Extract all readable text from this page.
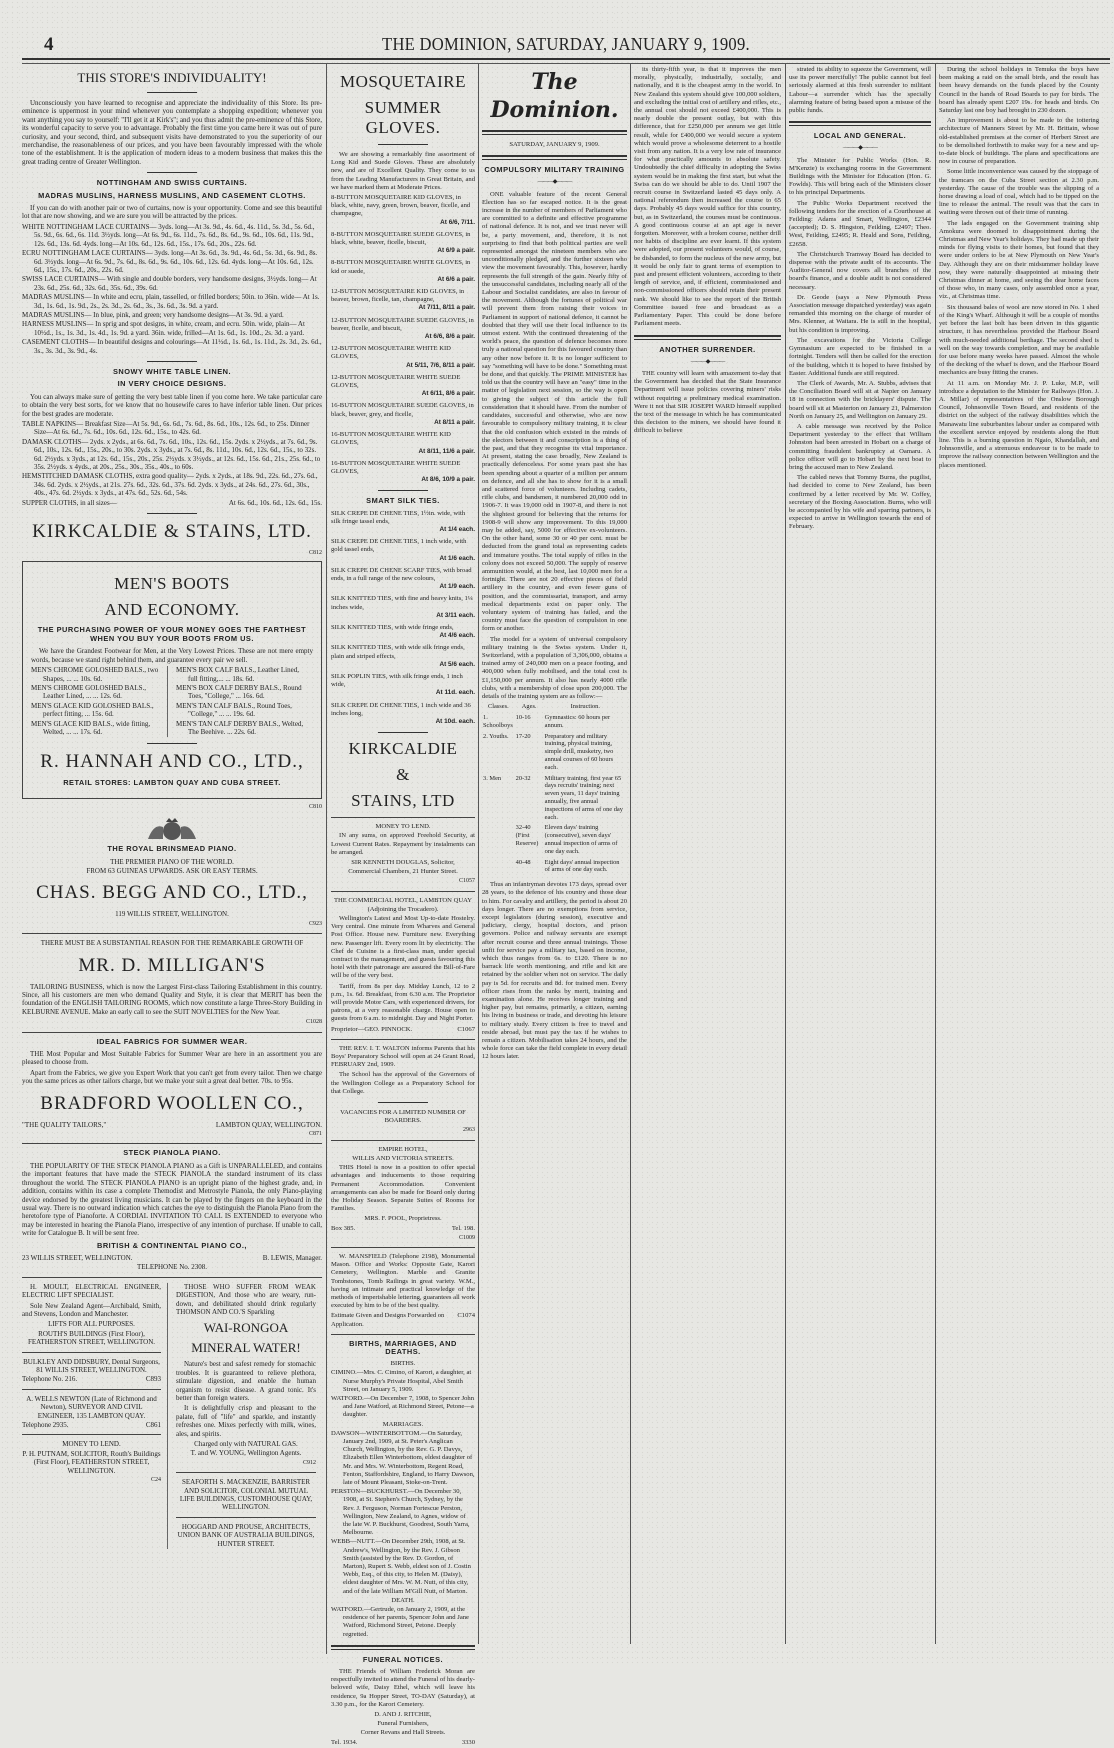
4	THE DOMINION, SATURDAY, JANUARY 9, 1909.
THIS STORE'S INDIVIDUALITY!
Unconsciously you have learned to recognise and appreciate the individuality of this Store. Its pre-eminence is uppermost in your mind whenever you contemplate a shopping expedition; whenever you want anything you say to yourself: "I'll get it at Kirk's"; and you thus admit the pre-eminence of this Store, its wonderful capacity to serve you to advantage. Probably the first time you came here it was out of pure curiosity, and your second, third, and subsequent visits have demonstrated to you the superiority of our merchandise, the reasonableness of our prices, and you have been favourably impressed with the whole tone of the establishment. It is the application of modern ideas to a modern business that makes this the great trading centre of Greater Wellington.
NOTTINGHAM AND SWISS CURTAINS.
MADRAS MUSLINS, HARNESS MUSLINS, AND CASEMENT CLOTHS.
If you can do with another pair or two of curtains, now is your opportunity. Come and see this beautiful lot that are now showing, and we are sure you will be attracted by the prices.
WHITE NOTTINGHAM LACE CURTAINS— 3yds. long—At 3s. 9d., 4s. 6d., 4s. 11d., 5s. 3d., 5s. 6d., 5s. 9d., 6s. 6d., 6s. 11d. 3½yds. long—At 6s. 9d., 6s. 11d., 7s. 6d., 8s. 6d., 9s. 6d., 10s. 6d., 11s. 9d., 12s. 6d., 13s. 6d. 4yds. long—At 10s. 6d., 12s. 6d., 15s., 17s. 6d., 20s., 22s. 6d.
ECRU NOTTINGHAM LACE CURTAINS— 3yds. long—At 3s. 6d., 3s. 9d., 4s. 6d., 5s. 3d., 6s. 9d., 8s. 6d. 3½yds. long—At 6s. 9d., 7s. 6d., 8s. 6d., 9s. 6d., 10s. 6d., 12s. 6d. 4yds. long—At 10s. 6d., 12s. 6d., 15s., 17s. 6d., 20s., 22s. 6d.
SWISS LACE CURTAINS— With single and double borders, very handsome designs, 3½yds. long— At 23s. 6d., 25s. 6d., 32s. 6d., 35s. 6d., 39s. 6d.
MADRAS MUSLINS— In white and ecru, plain, tasselled, or frilled borders; 50in. to 36in. wide— At 1s. 3d., 1s. 6d., 1s. 9d., 2s., 2s. 3d., 2s. 6d., 3s., 3s. 6d., 3s. 9d. a yard.
MADRAS MUSLINS— In blue, pink, and green; very handsome designs—At 3s. 9d. a yard.
HARNESS MUSLINS— In sprig and spot designs, in white, cream, and ecru. 50in. wide, plain— At 10½d., 1s., 1s. 3d., 1s. 4d., 1s. 9d. a yard. 36in. wide, frilled—At 1s. 6d., 1s. 10d., 2s. 3d. a yard.
CASEMENT CLOTHS— In beautiful designs and colourings—At 11½d., 1s. 6d., 1s. 11d., 2s. 3d., 2s. 6d., 3s., 3s. 3d., 3s. 9d., 4s.
SNOWY WHITE TABLE LINEN.
IN VERY CHOICE DESIGNS.
You can always make sure of getting the very best table linen if you come here. We take particular care to obtain the very best sorts, for we know that no housewife cares to have inferior table linen. Our prices for the best grades are moderate.
TABLE NAPKINS— Breakfast Size—At 5s. 9d., 6s. 6d., 7s. 6d., 8s. 6d., 10s., 12s. 6d., to 25s. Dinner Size—At 6s. 6d., 7s. 6d., 10s. 6d., 12s. 6d., 15s., to 42s. 6d.
DAMASK CLOTHS— 2yds. x 2yds., at 6s. 6d., 7s. 6d., 10s., 12s. 6d., 15s. 2yds. x 2½yds., at 7s. 6d., 9s. 6d., 10s., 12s. 6d., 15s., 20s., to 30s. 2yds. x 3yds., at 7s. 6d., 8s. 11d., 10s. 6d., 12s. 6d., 15s., to 32s. 6d. 2½yds. x 3yds., at 12s. 6d., 15s., 20s., 25s. 2½yds. x 3½yds., at 12s. 6d., 15s. 6d., 21s., 25s. 6d., to 35s. 2½yds. x 4yds., at 20s., 25s., 30s., 35s., 40s., to 60s.
HEMSTITCHED DAMASK CLOTHS, extra good quality— 2yds. x 2yds., at 18s. 9d., 22s. 6d., 27s. 6d., 34s. 6d. 2yds. x 2½yds., at 21s. 27s. 6d., 32s. 6d., 37s. 6d. 2yds. x 3yds., at 24s. 6d., 27s. 6d., 30s., 40s., 47s. 6d. 2½yds. x 3yds., at 47s. 6d., 52s. 6d., 54s.
SUPPER CLOTHS, in all sizes—	At 6s. 6d., 10s. 6d., 12s. 6d., 15s.
KIRKCALDIE & STAINS, LTD.
C812
MEN'S BOOTS
AND ECONOMY.
THE PURCHASING POWER OF YOUR MONEY GOES THE FARTHEST WHEN YOU BUY YOUR BOOTS FROM US.
We have the Grandest Footwear for Men, at the Very Lowest Prices. These are not mere empty words, because we stand right behind them, and guarantee every pair we sell.
MEN'S CHROME GOLOSHED BALS., two Shapes, ... ... 10s. 6d.
MEN'S CHROME GOLOSHED BALS., Leather Lined, ... ... 12s. 6d.
MEN'S GLACE KID GOLOSHED BALS., perfect fitting, ... 15s. 6d.
MEN'S GLACE KID BALS., wide fitting, Welted, ... ... 17s. 6d.
MEN'S BOX CALF BALS., Leather Lined, full fitting,... ... 18s. 6d.
MEN'S BOX CALF DERBY BALS., Round Toes, "College," ... 16s. 6d.
MEN'S TAN CALF BALS., Round Toes, "College," ... ... 19s. 6d.
MEN'S TAN CALF DERBY BALS., Welted, The Beehive. ... 22s. 6d.
R. HANNAH AND CO., LTD.,
RETAIL STORES: LAMBTON QUAY AND CUBA STREET.
C810
THE ROYAL BRINSMEAD PIANO.
THE PREMIER PIANO OF THE WORLD.
FROM 63 GUINEAS UPWARDS. ASK OR EASY TERMS.
CHAS. BEGG AND CO., LTD.,
119 WILLIS STREET, WELLINGTON.
C923
THERE MUST BE A SUBSTANTIAL REASON FOR THE REMARKABLE GROWTH OF
MR. D. MILLIGAN'S
TAILORING BUSINESS, which is now the Largest First-class Tailoring Establishment in this country. Since, all his customers are men who demand Quality and Style, it is clear that MERIT has been the foundation of the ENGLISH TAILORING ROOMS, which now constitute a large Three-Story Building in KELBURNE AVENUE. Make an early call to see the SUIT NOVELTIES for the New Year.
C1028
IDEAL FABRICS FOR SUMMER WEAR.
THE Most Popular and Most Suitable Fabrics for Summer Wear are here in an assortment you are pleased to choose from.
Apart from the Fabrics, we give you Expert Work that you can't get from every tailor. Then we charge you the same prices as other tailors charge, but we make your suit a great deal better. 70s. to 95s.
BRADFORD WOOLLEN CO.,
"THE QUALITY TAILORS,"	LAMBTON QUAY, WELLINGTON.
C871
STECK PIANOLA PIANO.
THE POPULARITY OF THE STECK PIANOLA PIANO as a Gift is UNPARALLELED, and contains the important features that have made the STECK PIANOLA the standard instrument of its class throughout the world. The STECK PIANOLA PIANO is an upright piano of the highest grade, and, in addition, contains within its case a complete Themodist and Metrostyle Pianola, the only Piano-playing device endorsed by the greatest living musicians. It can be played by the fingers on the keyboard in the usual way. There is no outward indication which catches the eye to distinguish the Pianola Piano from the heretofore type of Pianoforte. A CORDIAL INVITATION TO CALL IS EXTENDED to everyone who may be interested in hearing the Pianola Piano, irrespective of any intention of purchase. If unable to call, write for Catalogue B. It will be sent free.
BRITISH & CONTINENTAL PIANO CO.,
23 WILLIS STREET, WELLINGTON.	B. LEWIS, Manager.
TELEPHONE No. 2308.
H. MOULT, ELECTRICAL ENGINEER, ELECTRIC LIFT SPECIALIST.
Sole New Zealand Agent—Archibald, Smith, and Stevens, London and Manchester.
LIFTS FOR ALL PURPOSES.
ROUTH'S BUILDINGS (First Floor), FEATHERSTON STREET, WELLINGTON.
BULKLEY AND DIDSBURY, Dental Surgeons, 81 WILLIS STREET, WELLINGTON.
Telephone No. 216.	C893
A. WELLS NEWTON (Late of Richmond and Newton), SURVEYOR AND CIVIL ENGINEER, 135 LAMBTON QUAY.
Telephone 2935.	C861
MONEY TO LEND.
P. H. PUTNAM, SOLICITOR, Routh's Buildings (First Floor), FEATHERSTON STREET, WELLINGTON.
C24
THOSE WHO SUFFER FROM WEAK DIGESTION, And those who are weary, run-down, and debilitated should drink regularly THOMSON AND CO.'S Sparkling
WAI-RONGOA
MINERAL WATER!
Nature's best and safest remedy for stomachic troubles. It is guaranteed to relieve plethora, stimulate digestion, and enable the human organism to resist disease. A grand tonic. It's better than foreign waters.
It is delightfully crisp and pleasant to the palate, full of "life" and sparkle, and instantly refreshes one. Mixes perfectly with milk, wines, ales, and spirits.
Charged only with NATURAL GAS.
T. and W. YOUNG, Wellington Agents.
C912
SEAFORTH S. MACKENZIE, BARRISTER AND SOLICITOR, COLONIAL MUTUAL LIFE BUILDINGS, CUSTOMHOUSE QUAY, WELLINGTON.
HOGGARD AND PROUSE, ARCHITECTS, UNION BANK OF AUSTRALIA BUILDINGS, HUNTER STREET.
MOSQUETAIRE
SUMMER GLOVES.
We are showing a remarkably fine assortment of Long Kid and Suede Gloves. These are absolutely new, and are of Excellent Quality. They come to us from the Leading Manufacturers in Great Britain, and we have marked them at Moderate Prices.
8-BUTTON MOSQUETAIRE KID GLOVES, in black, white, navy, green, brown, beaver, ficelle, and champagne,
At 6/6, 7/11.
8-BUTTON MOSQUETAIRE SUEDE GLOVES, in black, white, beaver, ficelle, biscuit,
At 6/9 a pair.
8-BUTTON MOSQUETAIRE WHITE GLOVES, in kid or suede,
At 6/6 a pair.
12-BUTTON MOSQUETAIRE KID GLOVES, in beaver, brown, ficelle, tan, champagne,
At 7/11, 8/11 a pair.
12-BUTTON MOSQUETAIRE SUEDE GLOVES, in beaver, ficelle, and biscuit,
At 6/6, 8/6 a pair.
12-BUTTON MOSQUETAIRE WHITE KID GLOVES,
At 5/11, 7/6, 8/11 a pair.
12-BUTTON MOSQUETAIRE WHITE SUEDE GLOVES,
At 6/11, 8/6 a pair.
16-BUTTON MOSQUETAIRE SUEDE GLOVES, in black, beaver, grey, and ficelle,
At 8/11 a pair.
16-BUTTON MOSQUETAIRE WHITE KID GLOVES,
At 8/11, 11/6 a pair.
16-BUTTON MOSQUETAIRE WHITE SUEDE GLOVES,
At 8/6, 10/9 a pair.
SMART SILK TIES.
SILK CREPE DE CHENE TIES, 1½in. wide, with silk fringe tassel ends,
At 1/4 each.
SILK CREPE DE CHENE TIES, 1 inch wide, with gold tassel ends,
At 1/6 each.
SILK CREPE DE CHENE SCARF TIES, with broad ends, in a full range of the new colours,
At 1/9 each.
SILK KNITTED TIES, with fine and heavy knits, 1¼ inches wide,
At 3/11 each.
SILK KNITTED TIES, with wide fringe ends,
At 4/6 each.
SILK KNITTED TIES, with wide silk fringe ends, plain and striped effects,
At 5/6 each.
SILK POPLIN TIES, with silk fringe ends, 1 inch wide,
At 11d. each.
SILK CREPE DE CHENE TIES, 1 inch wide and 36 inches long,
At 10d. each.
KIRKCALDIE
&
STAINS, LTD
MONEY TO LEND.
IN any sums, on approved Freehold Security, at Lowest Current Rates. Repayment by instalments can be arranged.
SIR KENNETH DOUGLAS, Solicitor,
Commercial Chambers, 21 Hunter Street.
C1057
THE COMMERCIAL HOTEL, LAMBTON QUAY
(Adjoining the Trocadero).
Wellington's Latest and Most Up-to-date Hostelry. Very central. One minute from Wharves and General Post Office. House new. Furniture new. Everything new. Passenger lift. Every room lit by electricity. The Chef de Cuisine is a first-class man, under special contract to the management, and guests favouring this hotel with their patronage are assured the Bill-of-Fare will be of the very best.
Tariff, from 8s per day. Midday Lunch, 12 to 2 p.m., 1s. 6d. Breakfast, from 6.30 a.m. The Proprietor will provide Motor Cars, with experienced drivers, for patrons, at a very reasonable charge. House open to guests from 6 a.m. to midnight. Day and Night Porter.
Proprietor—GEO. PINNOCK.	C1067
THE REV. I. T. WALTON informs Parents that his Boys' Preparatory School will open at 24 Grant Road, FEBRUARY 2nd, 1909.
The School has the approval of the Governors of the Wellington College as a Preparatory School for that College.
VACANCIES FOR A LIMITED NUMBER OF BOARDERS.
2963
EMPIRE HOTEL,
WILLIS AND VICTORIA STREETS.
THIS Hotel is now in a position to offer special advantages and inducements to those requiring Permanent Accommodation. Convenient arrangements can also be made for Board only during the Holiday Season. Separate Suites of Rooms for Families.
MRS. F. POOL, Proprietress.
Box 385.	Tel. 198.
C1009
W. MANSFIELD (Telephone 2198), Monumental Mason. Office and Works: Opposite Gate, Karori Cemetery, Wellington. Marble and Granite Tombstones, Tomb Railings in great variety. W.M., having an intimate and practical knowledge of the methods of imperishable lettering, guarantees all work executed by him to be of the best quality.
Estimate Given and Designs Forwarded on Application.
C1074
BIRTHS, MARRIAGES, AND DEATHS.
BIRTHS.
CIMINO.—Mrs. C. Cimino, of Karori, a daughter, at Nurse Murphy's Private Hospital, Abel Smith Street, on January 5, 1909.
WATFORD.—On December 7, 1908, to Spencer John and Jane Watford, at Richmond Street, Petone—a daughter.
MARRIAGES.
DAWSON—WINTERBOTTOM.—On Saturday, January 2nd, 1909, at St. Peter's Anglican Church, Wellington, by the Rev. G. P. Davys, Elizabeth Ellen Winterbottom, eldest daughter of Mr. and Mrs. W. Winterbottom, Regent Road, Fenton, Staffordshire, England, to Harry Dawson, late of Mount Pleasant, Stoke-on-Trent.
PERSTON—BUCKHURST.—On December 30, 1908, at St. Stephen's Church, Sydney, by the Rev. J. Ferguson, Norman Fortescue Perston, Wellington, New Zealand, to Agnes, widow of the late W. P. Buckhurst, Goodrest, South Yarra, Melbourne.
WEBB—NUTT.—On December 29th, 1908, at St. Andrew's, Wellington, by the Rev. J. Gibson Smith (assisted by the Rev. D. Gordon, of Marton), Rupert S. Webb, eldest son of J. Costin Webb, Esq., of this city, to Helen M. (Daisy), eldest daughter of Mrs. W. M. Nutt, of this city, and of the late William M'Gill Nutt, of Marton.
DEATH.
WATFORD.—Gertrude, on January 2, 1909, at the residence of her parents, Spencer John and Jane Watford, Richmond Street, Petone. Deeply regretted.
FUNERAL NOTICES.
THE Friends of William Frederick Moran are respectfully invited to attend the Funeral of his dearly-beloved wife, Daisy Ethel, which will leave his residence, 9a Hopper Street, TO-DAY (Saturday), at 3.30 p.m., for the Karori Cemetery.
D. AND J. RITCHIE,
Funeral Furnishers,
Corner Revans and Hall Streets.
Tel. 1934.	3330
The Dominion.
SATURDAY, JANUARY 9, 1909.
COMPULSORY MILITARY TRAINING
———◆———
ONE valuable feature of the recent General Election has so far escaped notice. It is the great increase in the number of members of Parliament who are committed to a definite and effective programme of national defence. It is not, and we trust never will be, a party movement, and, therefore, it is not surprising to find that both political parties are well represented amongst the nineteen members who are unconditionally pledged, and the further sixteen who view the movement favourably. This, however, hardly represents the full strength of the gain. Nearly fifty of the unsuccessful candidates, including nearly all of the Labour and Socialist candidates, are also in favour of the movement. Although the fortunes of political war will prevent them from raising their voices in Parliament in support of national defence, it cannot be doubted that they will use their local influence to its utmost extent. With the continued threatening of the world's peace, the question of defence becomes more truly a national question for this favoured country than any other now before it. It is no longer sufficient to say "something will have to be done." Something must be done, and that quickly. The PRIME MINISTER has told us that the country will have an "easy" time in the matter of legislation next session, so the way is open to giving the subject of this article the full consideration that it should have. From the number of candidates, successful and otherwise, who are now favourable to compulsory military training, it is clear that the old confusion which existed in the minds of the electors between it and conscription is a thing of the past, and that they recognise its vital importance. At present, stating the case broadly, New Zealand is practically defenceless. For some years past she has been spending about a quarter of a million per annum on defence, and all she has to show for it is a small and scattered force of volunteers. Including cadets, rifle clubs, and bandsmen, it numbered 20,000 odd in 1906-7. It was 19,000 odd in 1907-8, and there is not the slightest ground for believing that the returns for 1908-9 will show any improvement. To this 19,000 may be added, say, 5000 for effective ex-volunteers. On the other hand, some 30 or 40 per cent. must be deducted from the grand total as representing cadets and immature youths. The total supply of rifles in the colony does not exceed 50,000. The supply of reserve ammunition would, at the best, last 10,000 men for a fortnight. There are not 20 effective pieces of field artillery in the country, and even fewer guns of position, and the commissariat, transport, and army medical departments exist on paper only. The voluntary system of training has failed, and the country must face the question of compulsion in one form or another.
The model for a system of universal compulsory military training is the Swiss system. Under it, Switzerland, with a population of 3,306,000, obtains a trained army of 240,000 men on a peace footing, and 400,000 when fully mobilised, and the total cost is £1,150,000 per annum. It also has nearly 4000 rifle clubs, with a membership of close upon 200,000. The details of the training system are as follow:—
Classes.	Ages.	Instruction.
1. Schoolboys	10-16	Gymnastics: 60 hours per annum.
2. Youths.	17-20	Preparatory and military training, physical training, simple drill, musketry, two annual courses of 60 hours each.
3. Men	20-32	Military training, first year 65 days recruits' training; next seven years, 11 days' training annually, five annual inspections of arms of one day each.
	32-40 (First Reserve)	Eleven days' training (consecutive), seven days' annual inspection of arms of one day each.
	40-48	Eight days' annual inspection of arms of one day each.
Thus an infantryman devotes 173 days, spread over 28 years, to the defence of his country and those dear to him. For cavalry and artillery, the period is about 20 days longer. There are no exemptions from service, except legislators (during session), executive and judiciary, clergy, hospital doctors, and prison governors. Police and railway servants are exempt after recruit course and three annual trainings. Those unfit for service pay a military tax, based on income, which thus ranges from 6s. to £120. There is no barrack life worth mentioning, and rifle and kit are retained by the soldier when not on service. The daily pay is 5d. for recruits and 8d. for trained men. Every officer rises from the ranks by merit, training and examination alone. He receives longer training and higher pay, but remains, primarily, a citizen, earning his living in business or trade, and devoting his leisure to military study. Every citizen is free to travel and reside abroad, but must pay the tax if he wishes to remain a citizen. Mobilisation takes 24 hours, and the whole force can take the field complete in every detail 12 hours later.
its thirty-fifth year, is that it improves the men morally, physically, industrially, socially, and nationally, and it is the cheapest army in the world. In New Zealand this system should give 100,000 soldiers, and excluding the initial cost of artillery and rifles, etc., the annual cost should not exceed £400,000. This is nearly double the present outlay, but with this difference, that for £250,000 per annum we get little result, while for £400,000 we would secure a system which would prove a wholesome deterrent to a hostile visit from any nation. It is a very low rate of insurance for what practically amounts to absolute safety. Undoubtedly the chief difficulty in adopting the Swiss system would be in making the first start, but what the Swiss can do we should be able to do. Until 1907 the recruit course in Switzerland lasted 45 days only. A national referendum then increased the course to 65 days. Probably 45 days would suffice for this country, but, as in Switzerland, the courses must be continuous. A good continuous course at an apt age is never forgotten. Moreover, with a broken course, neither drill nor habits of discipline are ever learnt. If this system were adopted, our present volunteers would, of course, be disbanded, to form the nucleus of the new army, but it would be only fair to grant terms of exemption to past and present efficient volunteers, according to their length of service, and, if efficient, commissioned and non-commissioned officers should retain their present rank. We should like to see the report of the British Committee issued free and broadcast as a Parliamentary Paper. This could be done before Parliament meets.
ANOTHER SURRENDER.
———◆———
THE country will learn with amazement to-day that the Government has decided that the State Insurance Department will issue policies covering miners' risks without requiring a preliminary medical examination. Were it not that SIR JOSEPH WARD himself supplied the text of the message in which he has communicated this decision to the miners, we should have found it difficult to believe
strated its ability to squeeze the Government, will use its power mercifully! The public cannot but feel seriously alarmed at this fresh surrender to militant Labour—a surrender which has the specially alarming feature of being based upon a misuse of the public funds.
LOCAL AND GENERAL.
———◆———
The Minister for Public Works (Hon. R. M'Kenzie) is exchanging rooms in the Government Buildings with the Minister for Education (Hon. G. Fowlds). This will bring each of the Ministers closer to his principal Departments.
The Public Works Department received the following tenders for the erection of a Courthouse at Feilding: Adams and Smart, Wellington, £2344 (accepted); D. S. Hingston, Feilding, £2497; Theo. West, Feilding, £2495; R. Heald and Sons, Feilding, £2658.
The Christchurch Tramway Board has decided to dispense with the private audit of its accounts. The Auditor-General now covers all branches of the board's finance, and a double audit is not considered necessary.
Dr. Geode (says a New Plymouth Press Association message dispatched yesterday) was again remanded this morning on the charge of murder of Mrs. Klenner, at Waitara. He is still in the hospital, but his condition is improving.
The excavations for the Victoria College Gymnasium are expected to be finished in a fortnight. Tenders will then be called for the erection of the building, which it is hoped to have finished by Easter. Additional funds are still required.
The Clerk of Awards, Mr. A. Stubbs, advises that the Conciliation Board will sit at Napier on January 18 in connection with the bricklayers' dispute. The board will sit at Masterton on January 21, Palmerston North on January 25, and Wellington on January 29.
A cable message was received by the Police Department yesterday to the effect that William Johnston had been arrested in Hobart on a charge of committing fraudulent bankruptcy at Oamaru. A police officer will go to Hobart by the next boat to bring the accused man to New Zealand.
The cabled news that Tommy Burns, the pugilist, had decided to come to New Zealand, has been confirmed by a letter received by Mr. W. Coffey, secretary of the Boxing Association. Burns, who will be accompanied by his wife and sparring partners, is expected to arrive in Wellington towards the end of February.
During the school holidays in Temuka the boys have been making a raid on the small birds, and the result has been heavy demands on the funds placed by the County Council in the hands of Road Boards to pay for birds. The board has already spent £207 19s. for heads and birds. On Saturday last one boy had brought in 230 dozen.
An improvement is about to be made to the tottering architecture of Manners Street by Mr. H. Brittain, whose old-established premises at the corner of Herbert Street are to be demolished forthwith to make way for a new and up-to-date block of buildings. The plans and specifications are now in course of preparation.
Some little inconvenience was caused by the stoppage of the tramcars on the Cuba Street section at 2.30 p.m. yesterday. The cause of the trouble was the slipping of a horse drawing a load of coal, which had to be tipped on the line to release the animal. The result was that the cars in waiting were thrown out of their time of running.
The lads engaged on the Government training ship Amokura were doomed to disappointment during the Christmas and New Year's holidays. They had made up their minds for flying visits to their homes, but found that they were under orders to be at New Plymouth on New Year's Day. Although they are on their midsummer holiday leave now, they were naturally disappointed at missing their Christmas dinner at home, and seeing the dear home faces of those who, in many cases, only assembled once a year, viz., at Christmas time.
Six thousand bales of wool are now stored in No. 1 shed of the King's Wharf. Although it will be a couple of months yet before the last bolt has been driven in this gigantic structure, it has nevertheless provided the Harbour Board with much-needed additional berthage. The second shed is well on the way towards completion, and may be available for use before many weeks have passed. Almost the whole of the decking of the wharf is down, and the Harbour Board mechanics are busy fitting the cranes.
At 11 a.m. on Monday Mr. J. P. Luke, M.P., will introduce a deputation to the Minister for Railways (Hon. J. A. Millar) of representatives of the Onslow Borough Council, Johnsonville Town Board, and residents of the district on the subject of the railway disabilities which the Manawatu line suburbanites labour under as compared with the excellent service enjoyed by residents along the Hutt line. This is a burning question in Ngaio, Khandallah, and Johnsonville, and a strenuous endeavour is to be made to improve the railway connection between Wellington and the places mentioned.
